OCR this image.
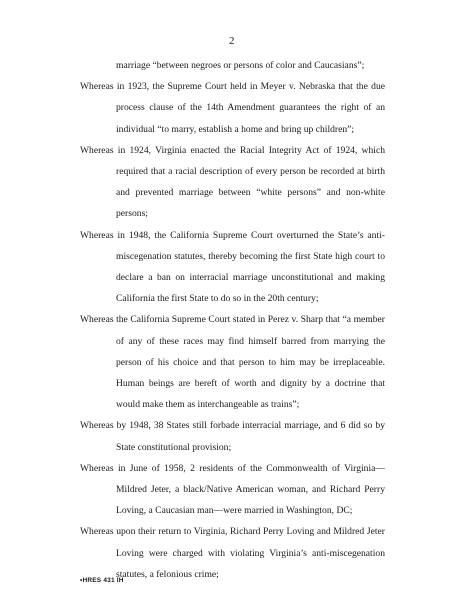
2

marriage “between negroes or persons of color and Caucasians”;

Whereas in 1923, the Supreme Court held in Meyer v. Nebraska that the due process clause of the 14th Amendment guarantees the right of an individual “to marry, establish a home and bring up children”;

Whereas in 1924, Virginia enacted the Racial Integrity Act of 1924, which required that a racial description of every person be recorded at birth and prevented marriage between “white persons” and non-white persons;

Whereas in 1948, the California Supreme Court overturned the State’s anti-miscegenation statutes, thereby becoming the first State high court to declare a ban on interracial marriage unconstitutional and making California the first State to do so in the 20th century;

Whereas the California Supreme Court stated in Perez v. Sharp that “a member of any of these races may find himself barred from marrying the person of his choice and that person to him may be irreplaceable. Human beings are bereft of worth and dignity by a doctrine that would make them as interchangeable as trains”;

Whereas by 1948, 38 States still forbade interracial marriage, and 6 did so by State constitutional provision;

Whereas in June of 1958, 2 residents of the Commonwealth of Virginia—Mildred Jeter, a black/Native American woman, and Richard Perry Loving, a Caucasian man—were married in Washington, DC;

Whereas upon their return to Virginia, Richard Perry Loving and Mildred Jeter Loving were charged with violating Virginia’s anti-miscegenation statutes, a felonious crime;

•HRES 431 IH
